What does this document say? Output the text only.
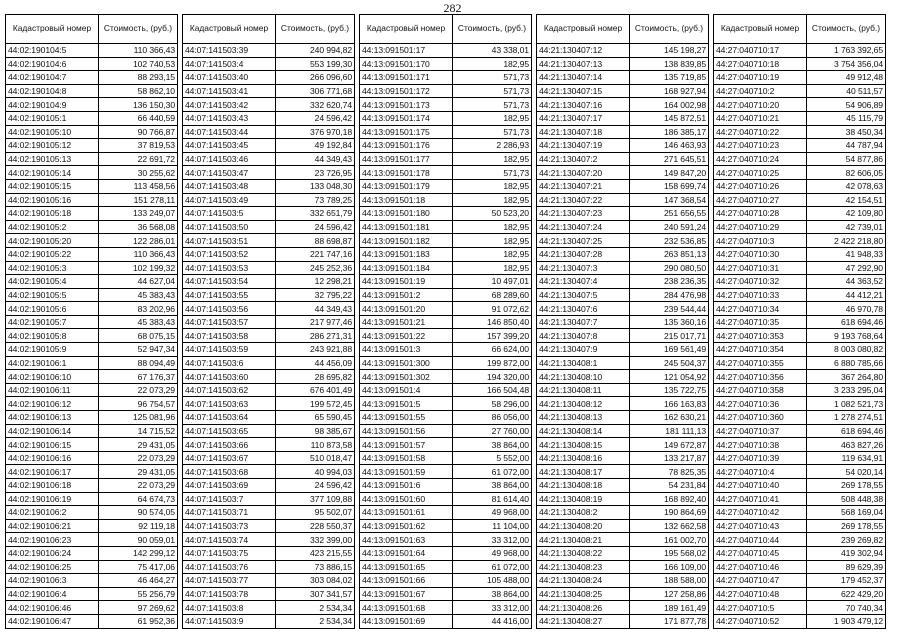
282
Кадастровый номер	Стоимость, (руб.)
44:02:190104:5	110 366,43
44:02:190104:6	102 740,53
44:02:190104:7	88 293,15
44:02:190104:8	58 862,10
44:02:190104:9	136 150,30
44:02:190105:1	66 440,59
44:02:190105:10	90 766,87
44:02:190105:12	37 819,53
44:02:190105:13	22 691,72
44:02:190105:14	30 255,62
44:02:190105:15	113 458,56
44:02:190105:16	151 278,11
44:02:190105:18	133 249,07
44:02:190105:2	36 568,08
44:02:190105:20	122 286,01
44:02:190105:22	110 366,43
44:02:190105:3	102 199,32
44:02:190105:4	44 627,04
44:02:190105:5	45 383,43
44:02:190105:6	83 202,96
44:02:190105:7	45 383,43
44:02:190105:8	68 075,15
44:02:190105:9	52 947,34
44:02:190106:1	88 094,49
44:02:190106:10	67 176,37
44:02:190106:11	22 073,29
44:02:190106:12	96 754,57
44:02:190106:13	125 081,96
44:02:190106:14	14 715,52
44:02:190106:15	29 431,05
44:02:190106:16	22 073,29
44:02:190106:17	29 431,05
44:02:190106:18	22 073,29
44:02:190106:19	64 674,73
44:02:190106:2	90 574,05
44:02:190106:21	92 119,18
44:02:190106:23	90 059,01
44:02:190106:24	142 299,12
44:02:190106:25	75 417,06
44:02:190106:3	46 464,27
44:02:190106:4	55 256,79
44:02:190106:46	97 269,62
44:02:190106:47	61 952,36
Кадастровый номер	Стоимость, (руб.)
44:07:141503:39	240 994,82
44:07:141503:4	553 199,30
44:07:141503:40	266 096,60
44:07:141503:41	306 771,68
44:07:141503:42	332 620,74
44:07:141503:43	24 596,42
44:07:141503:44	376 970,18
44:07:141503:45	49 192,84
44:07:141503:46	44 349,43
44:07:141503:47	23 726,95
44:07:141503:48	133 048,30
44:07:141503:49	73 789,25
44:07:141503:5	332 651,79
44:07:141503:50	24 596,42
44:07:141503:51	88 698,87
44:07:141503:52	221 747,16
44:07:141503:53	245 252,36
44:07:141503:54	12 298,21
44:07:141503:55	32 795,22
44:07:141503:56	44 349,43
44:07:141503:57	217 977,46
44:07:141503:58	286 271,31
44:07:141503:59	243 921,88
44:07:141503:6	44 456,09
44:07:141503:60	28 695,82
44:07:141503:62	676 401,49
44:07:141503:63	199 572,45
44:07:141503:64	65 590,45
44:07:141503:65	98 385,67
44:07:141503:66	110 873,58
44:07:141503:67	510 018,47
44:07:141503:68	40 994,03
44:07:141503:69	24 596,42
44:07:141503:7	377 109,88
44:07:141503:71	95 502,07
44:07:141503:73	228 550,37
44:07:141503:74	332 399,00
44:07:141503:75	423 215,55
44:07:141503:76	73 886,15
44:07:141503:77	303 084,02
44:07:141503:78	307 341,57
44:07:141503:8	2 534,34
44:07:141503:9	2 534,34
Кадастровый номер	Стоимость, (руб.)
44:13:091501:17	43 338,01
44:13:091501:170	182,95
44:13:091501:171	571,73
44:13:091501:172	571,73
44:13:091501:173	571,73
44:13:091501:174	182,95
44:13:091501:175	571,73
44:13:091501:176	2 286,93
44:13:091501:177	182,95
44:13:091501:178	571,73
44:13:091501:179	182,95
44:13:091501:18	182,95
44:13:091501:180	50 523,20
44:13:091501:181	182,95
44:13:091501:182	182,95
44:13:091501:183	182,95
44:13:091501:184	182,95
44:13:091501:19	10 497,01
44:13:091501:2	68 289,60
44:13:091501:20	91 072,62
44:13:091501:21	146 850,40
44:13:091501:22	157 399,20
44:13:091501:3	66 624,00
44:13:091501:300	199 872,00
44:13:091501:302	194 320,00
44:13:091501:4	166 504,48
44:13:091501:5	58 296,00
44:13:091501:55	86 056,00
44:13:091501:56	27 760,00
44:13:091501:57	38 864,00
44:13:091501:58	5 552,00
44:13:091501:59	61 072,00
44:13:091501:6	38 864,00
44:13:091501:60	81 614,40
44:13:091501:61	49 968,00
44:13:091501:62	11 104,00
44:13:091501:63	33 312,00
44:13:091501:64	49 968,00
44:13:091501:65	61 072,00
44:13:091501:66	105 488,00
44:13:091501:67	38 864,00
44:13:091501:68	33 312,00
44:13:091501:69	44 416,00
Кадастровый номер	Стоимость, (руб.)
44:21:130407:12	145 198,27
44:21:130407:13	138 839,85
44:21:130407:14	135 719,85
44:21:130407:15	168 927,94
44:21:130407:16	164 002,98
44:21:130407:17	145 872,51
44:21:130407:18	186 385,17
44:21:130407:19	146 463,93
44:21:130407:2	271 645,51
44:21:130407:20	149 847,20
44:21:130407:21	158 699,74
44:21:130407:22	147 368,54
44:21:130407:23	251 656,55
44:21:130407:24	240 591,24
44:21:130407:25	232 536,85
44:21:130407:28	263 851,13
44:21:130407:3	290 080,50
44:21:130407:4	238 236,35
44:21:130407:5	284 476,98
44:21:130407:6	239 544,44
44:21:130407:7	135 360,16
44:21:130407:8	215 017,71
44:21:130407:9	169 561,49
44:21:130408:1	245 504,37
44:21:130408:10	121 054,92
44:21:130408:11	135 722,75
44:21:130408:12	166 163,83
44:21:130408:13	162 630,21
44:21:130408:14	181 111,13
44:21:130408:15	149 672,87
44:21:130408:16	133 217,87
44:21:130408:17	78 825,35
44:21:130408:18	54 231,84
44:21:130408:19	168 892,40
44:21:130408:2	190 864,69
44:21:130408:20	132 662,58
44:21:130408:21	161 002,70
44:21:130408:22	195 568,02
44:21:130408:23	166 109,00
44:21:130408:24	188 588,00
44:21:130408:25	127 258,86
44:21:130408:26	189 161,49
44:21:130408:27	171 877,78
Кадастровый номер	Стоимость, (руб.)
44:27:040710:17	1 763 392,65
44:27:040710:18	3 754 356,04
44:27:040710:19	49 912,48
44:27:040710:2	40 511,57
44:27:040710:20	54 906,89
44:27:040710:21	45 115,79
44:27:040710:22	38 450,34
44:27:040710:23	44 787,94
44:27:040710:24	54 877,86
44:27:040710:25	82 606,05
44:27:040710:26	42 078,63
44:27:040710:27	42 154,51
44:27:040710:28	42 109,80
44:27:040710:29	42 739,01
44:27:040710:3	2 422 218,80
44:27:040710:30	41 948,33
44:27:040710:31	47 292,90
44:27:040710:32	44 363,52
44:27:040710:33	44 412,21
44:27:040710:34	46 970,78
44:27:040710:35	618 694,46
44:27:040710:353	9 193 768,64
44:27:040710:354	8 003 080,82
44:27:040710:355	6 880 785,66
44:27:040710:356	367 264,80
44:27:040710:358	3 233 295,04
44:27:040710:36	1 082 521,73
44:27:040710:360	1 278 274,51
44:27:040710:37	618 694,46
44:27:040710:38	463 827,26
44:27:040710:39	119 634,91
44:27:040710:4	54 020,14
44:27:040710:40	269 178,55
44:27:040710:41	508 448,38
44:27:040710:42	568 169,04
44:27:040710:43	269 178,55
44:27:040710:44	239 269,82
44:27:040710:45	419 302,94
44:27:040710:46	89 629,39
44:27:040710:47	179 452,37
44:27:040710:48	622 429,20
44:27:040710:5	70 740,34
44:27:040710:52	1 903 479,12
